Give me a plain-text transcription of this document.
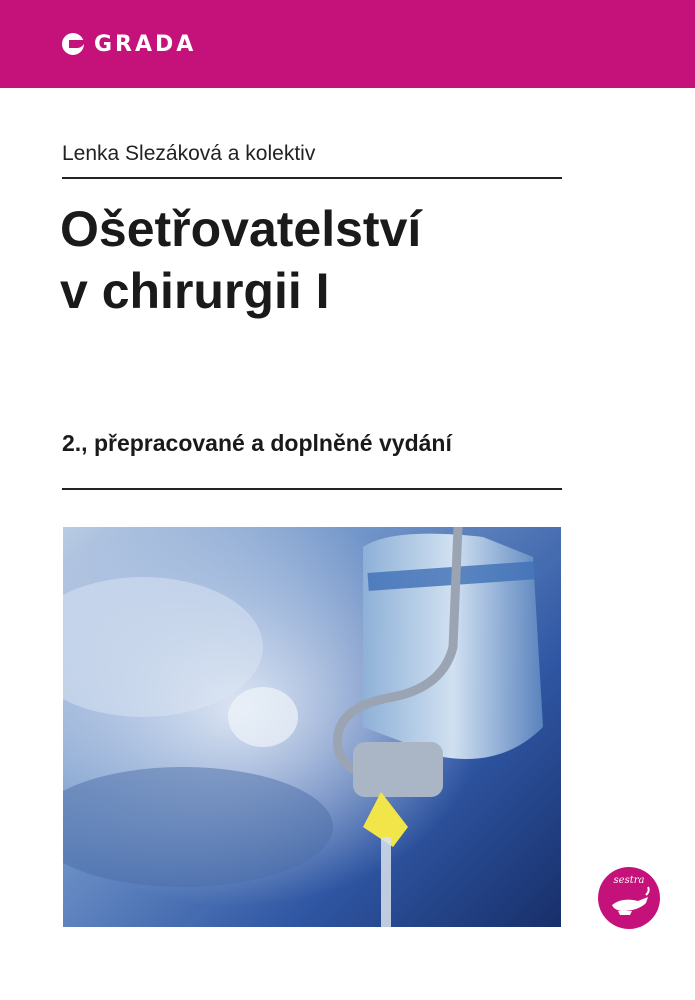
GRADA
Lenka Slezáková a kolektiv
Ošetřovatelství
v chirurgii I
2., přepracované a doplněné vydání
sestra
